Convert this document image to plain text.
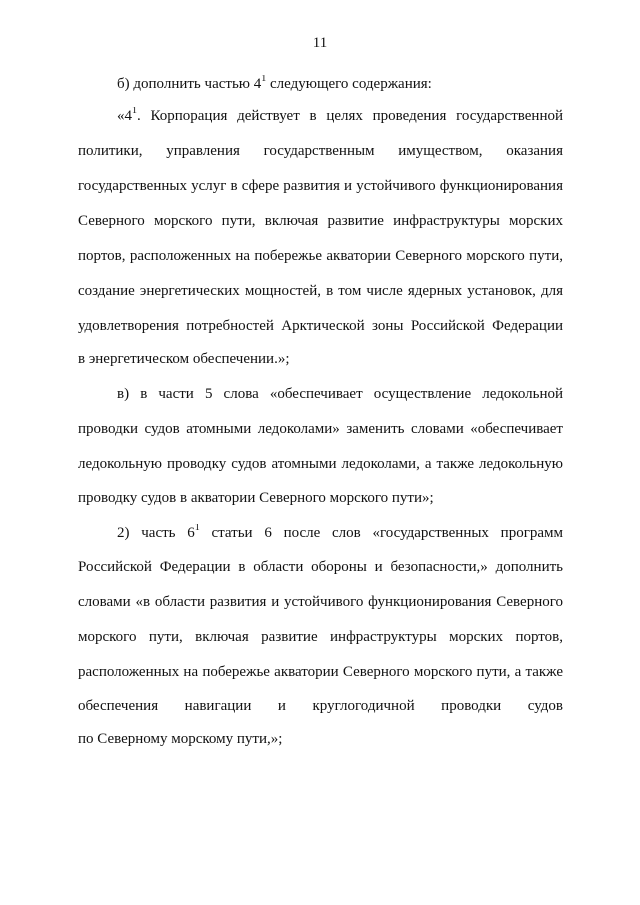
11
б) дополнить частью $4^1$ следующего содержания:
«$4^1$. Корпорация действует в целях проведения государственной
политики, управления государственным имуществом, оказания
государственных услуг в сфере развития и устойчивого функционирования
Северного морского пути, включая развитие инфраструктуры морских
портов, расположенных на побережье акватории Северного морского пути,
создание энергетических мощностей, в том числе ядерных установок, для
удовлетворения потребностей Арктической зоны Российской Федерации
в энергетическом обеспечении.»;
в) в части 5 слова «обеспечивает осуществление ледокольной
проводки судов атомными ледоколами» заменить словами «обеспечивает
ледокольную проводку судов атомными ледоколами, а также ледокольную
проводку судов в акватории Северного морского пути»;
2) часть $6^1$ статьи 6 после слов «государственных программ
Российской Федерации в области обороны и безопасности,» дополнить
словами «в области развития и устойчивого функционирования Северного
морского пути, включая развитие инфраструктуры морских портов,
расположенных на побережье акватории Северного морского пути, а также
обеспечения навигации и круглогодичной проводки судов
по Северному морскому пути,»;
